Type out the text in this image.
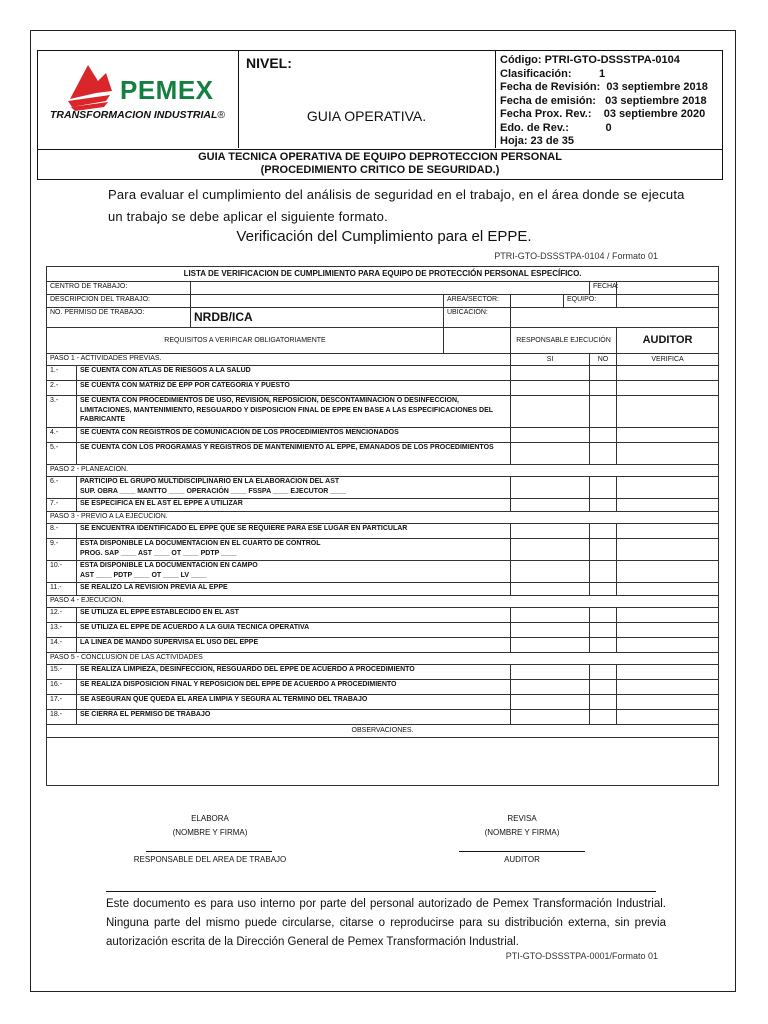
PEMEX
TRANSFORMACION INDUSTRIAL®
NIVEL:
GUIA OPERATIVA.
Código: PTRI-GTO-DSSSTPA-0104
Clasificación:         1
Fecha de Revisión:  03 septiembre 2018
Fecha de emisión:   03 septiembre 2018
Fecha Prox. Rev.:    03 septiembre 2020
Edo. de Rev.:            0
Hoja: 23 de 35
GUIA TECNICA OPERATIVA DE EQUIPO DEPROTECCION PERSONAL
(PROCEDIMIENTO CRITICO DE SEGURIDAD.)
Para evaluar el cumplimiento del análisis de seguridad en el trabajo, en el área donde se ejecuta
un trabajo se debe aplicar el siguiente formato.
Verificación del Cumplimiento para el EPPE.
PTRI-GTO-DSSSTPA-0104 / Formato 01
LISTA DE VERIFICACION DE CUMPLIMIENTO PARA EQUIPO DE PROTECCIÓN PERSONAL ESPECÍFICO.							
CENTRO DE TRABAJO:						FECHA:	
DESCRIPCION DEL TRABAJO:			AREA/SECTOR:		EQUIPO:		
NO. PERMISO DE TRABAJO:		NRDB/ICA	UBICACIÓN:				
REQUISITOS A VERIFICAR OBLIGATORIAMENTE				RESPONSABLE EJECUCIÓN			AUDITOR
PASO 1 - ACTIVIDADES PREVIAS.				SI		NO	VERIFICA
1.-	SE CUENTA CON ATLAS DE RIESGOS A LA SALUD						
2.-	SE CUENTA CON MATRIZ DE EPP POR CATEGORIA Y PUESTO						
3.-	SE CUENTA CON PROCEDIMIENTOS DE USO, REVISION, REPOSICION, DESCONTAMINACION O DESINFECCION, LIMITACIONES, MANTENIMIENTO, RESGUARDO Y DISPOSICION FINAL DE EPPE EN BASE A LAS ESPECIFICACIONES DEL FABRICANTE						
4.-	SE CUENTA CON REGISTROS DE COMUNICACIÓN DE LOS PROCEDIMIENTOS MENCIONADOS						
5.-	SE CUENTA CON LOS PROGRAMAS Y REGISTROS DE MANTENIMIENTO AL EPPE, EMANADOS DE LOS PROCEDIMIENTOS						
PASO 2 - PLANEACION.							
6.-	PARTICIPO EL GRUPO MULTIDISCIPLINARIO EN LA ELABORACION DEL AST
SUP. OBRA ____ MANTTO ____ OPERACIÓN ____ FSSPA ____ EJECUTOR ____						

7.-	SE ESPECIFICA EN EL AST EL EPPE A UTILIZAR						
PASO 3 - PREVIO A LA EJECUCION.							
8.-	SE ENCUENTRA IDENTIFICADO EL EPPE QUE SE REQUIERE PARA ESE LUGAR EN PARTICULAR						
9.-	ESTA DISPONIBLE LA DOCUMENTACION EN EL CUARTO DE CONTROL
PROG. SAP ____ AST ____ OT ____ PDTP ____						

10.-	ESTA DISPONIBLE LA DOCUMENTACION EN CAMPO
AST ____ PDTP ____ OT ____ LV ____						

11.-	SE REALIZO LA REVISION PREVIA AL EPPE						
PASO 4 - EJECUCION.							
12.-	SE UTILIZA EL EPPE ESTABLECIDO EN EL AST						
13.-	SE UTILIZA EL EPPE DE ACUERDO A LA GUIA TECNICA OPERATIVA						
14.-	LA LINEA DE MANDO SUPERVISA EL USO DEL EPPE						
PASO 5 - CONCLUSION DE LAS ACTIVIDADES							
15.-	SE REALIZA LIMPIEZA, DESINFECCION, RESGUARDO DEL EPPE DE ACUERDO A PROCEDIMIENTO						
16.-	SE REALIZA DISPOSICION FINAL Y REPOSICION DEL EPPE DE ACUERDO A PROCEDIMIENTO						
17.-	SE ASEGURAN QUE QUEDA EL AREA LIMPIA Y SEGURA AL TERMINO DEL TRABAJO						
18.-	SE CIERRA EL PERMISO DE TRABAJO						
OBSERVACIONES.							

ELABORA
(NOMBRE Y FIRMA)
RESPONSABLE DEL AREA DE TRABAJO
REVISA
(NOMBRE Y FIRMA)
AUDITOR
Este documento es para uso interno por parte del personal autorizado de Pemex Transformación Industrial. Ninguna parte del mismo puede circularse, citarse o reproducirse para su distribución externa, sin previa autorización escrita de la Dirección General de Pemex Transformación Industrial.
PTI-GTO-DSSSTPA-0001/Formato 01
